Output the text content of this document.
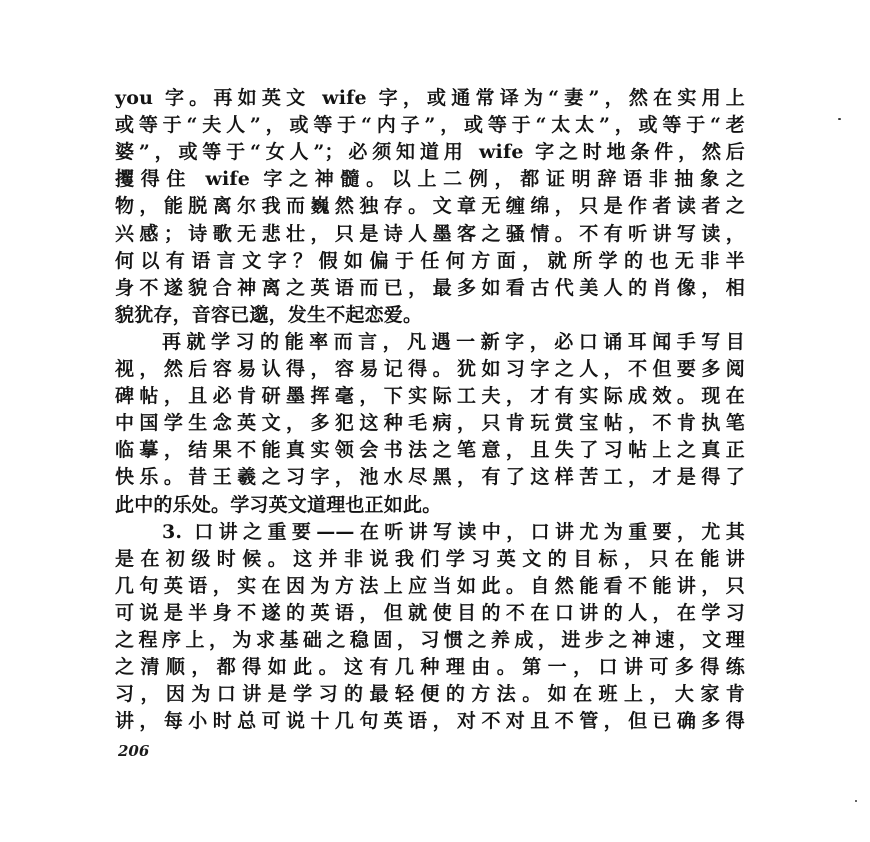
you 字。再如英文 wife 字，或通常译为“妻”，然在实用上

或等于“夫人”，或等于“内子”，或等于“太太”，或等于“老

婆”，或等于“女人”；必须知道用 wife 字之时地条件，然后

攫得住 wife 字之神髓。以上二例，都证明辞语非抽象之

物，能脱离尔我而巍然独存。文章无缠绵，只是作者读者之

兴感；诗歌无悲壮，只是诗人墨客之骚情。不有听讲写读，

何以有语言文字？假如偏于任何方面，就所学的也无非半

身不遂貌合神离之英语而已，最多如看古代美人的肖像，相

貌犹存，音容已邈，发生不起恋爱。

再就学习的能率而言，凡遇一新字，必口诵耳闻手写目

视，然后容易认得，容易记得。犹如习字之人，不但要多阅

碑帖，且必肯研墨挥毫，下实际工夫，才有实际成效。现在

中国学生念英文，多犯这种毛病，只肯玩赏宝帖，不肯执笔

临摹，结果不能真实领会书法之笔意，且失了习帖上之真正

快乐。昔王羲之习字，池水尽黑，有了这样苦工，才是得了

此中的乐处。学习英文道理也正如此。

3. 口讲之重要——在听讲写读中，口讲尤为重要，尤其

是在初级时候。这并非说我们学习英文的目标，只在能讲

几句英语，实在因为方法上应当如此。自然能看不能讲，只

可说是半身不遂的英语，但就使目的不在口讲的人，在学习

之程序上，为求基础之稳固，习惯之养成，进步之神速，文理

之清顺，都得如此。这有几种理由。第一，口讲可多得练

习，因为口讲是学习的最轻便的方法。如在班上，大家肯

讲，每小时总可说十几句英语，对不对且不管，但已确多得

206
